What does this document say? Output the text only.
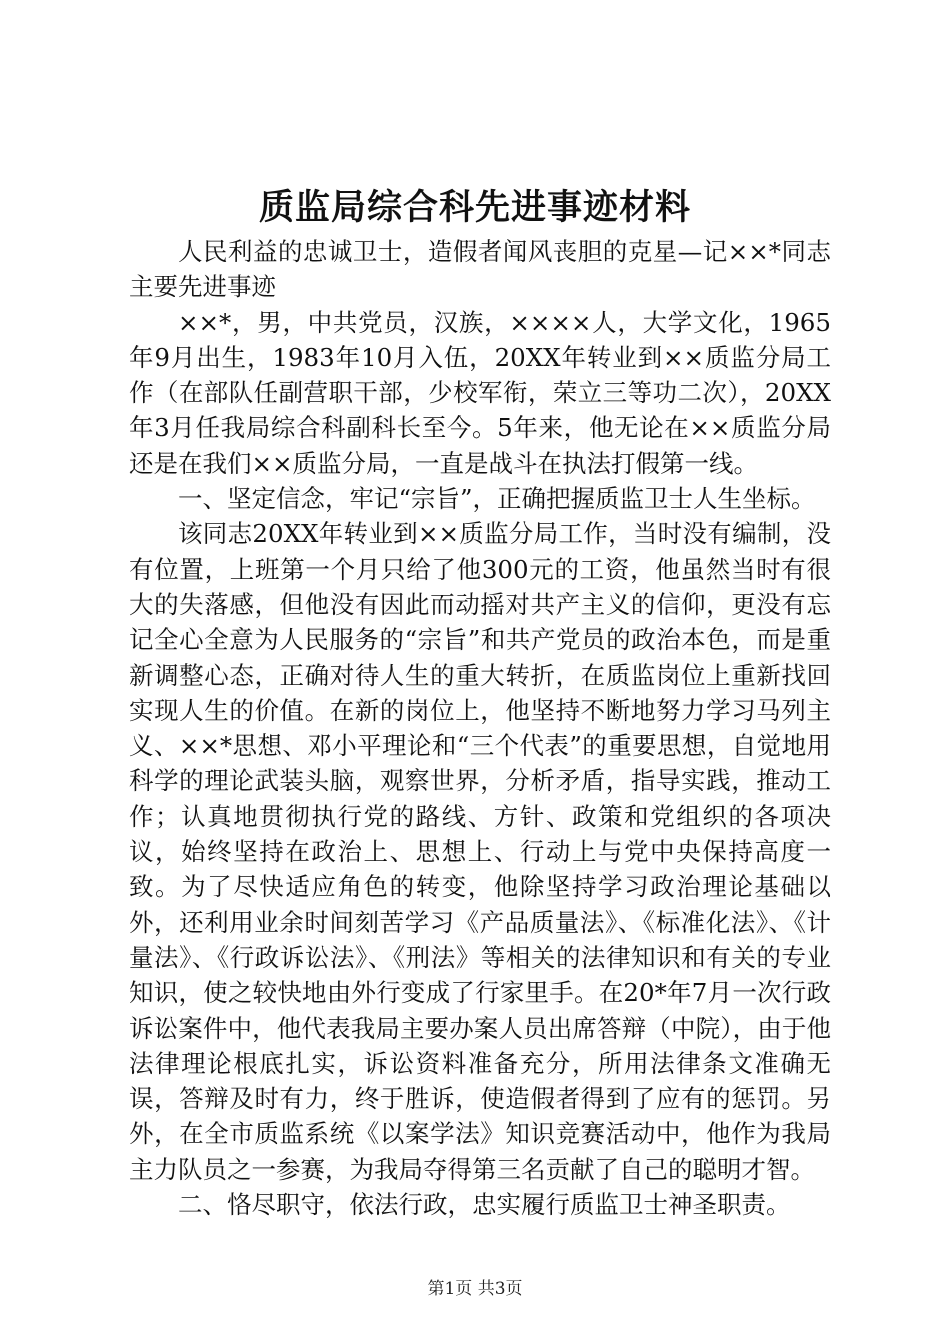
质监局综合科先进事迹材料

人民利益的忠诚卫士，造假者闻风丧胆的克星—记××*同志主要先进事迹

××*，男，中共党员，汉族，××××人，大学文化，1965年9月出生，1983年10月入伍，20XX年转业到××质监分局工作（在部队任副营职干部，少校军衔，荣立三等功二次），20XX年3月任我局综合科副科长至今。5年来，他无论在××质监分局还是在我们××质监分局，一直是战斗在执法打假第一线。

一、坚定信念，牢记“宗旨”，正确把握质监卫士人生坐标。

该同志20XX年转业到××质监分局工作，当时没有编制，没有位置，上班第一个月只给了他300元的工资，他虽然当时有很大的失落感，但他没有因此而动摇对共产主义的信仰，更没有忘记全心全意为人民服务的“宗旨”和共产党员的政治本色，而是重新调整心态，正确对待人生的重大转折，在质监岗位上重新找回实现人生的价值。在新的岗位上，他坚持不断地努力学习马列主义、××*思想、邓小平理论和“三个代表”的重要思想，自觉地用科学的理论武装头脑，观察世界，分析矛盾，指导实践，推动工作；认真地贯彻执行党的路线、方针、政策和党组织的各项决议，始终坚持在政治上、思想上、行动上与党中央保持高度一致。为了尽快适应角色的转变，他除坚持学习政治理论基础以外，还利用业余时间刻苦学习《产品质量法》、《标准化法》、《计量法》、《行政诉讼法》、《刑法》等相关的法律知识和有关的专业知识，使之较快地由外行变成了行家里手。在20*年7月一次行政诉讼案件中，他代表我局主要办案人员出席答辩（中院），由于他法律理论根底扎实，诉讼资料准备充分，所用法律条文准确无误，答辩及时有力，终于胜诉，使造假者得到了应有的惩罚。另外，在全市质监系统《以案学法》知识竞赛活动中，他作为我局主力队员之一参赛，为我局夺得第三名贡献了自己的聪明才智。

二、恪尽职守，依法行政，忠实履行质监卫士神圣职责。

第1页 共3页
